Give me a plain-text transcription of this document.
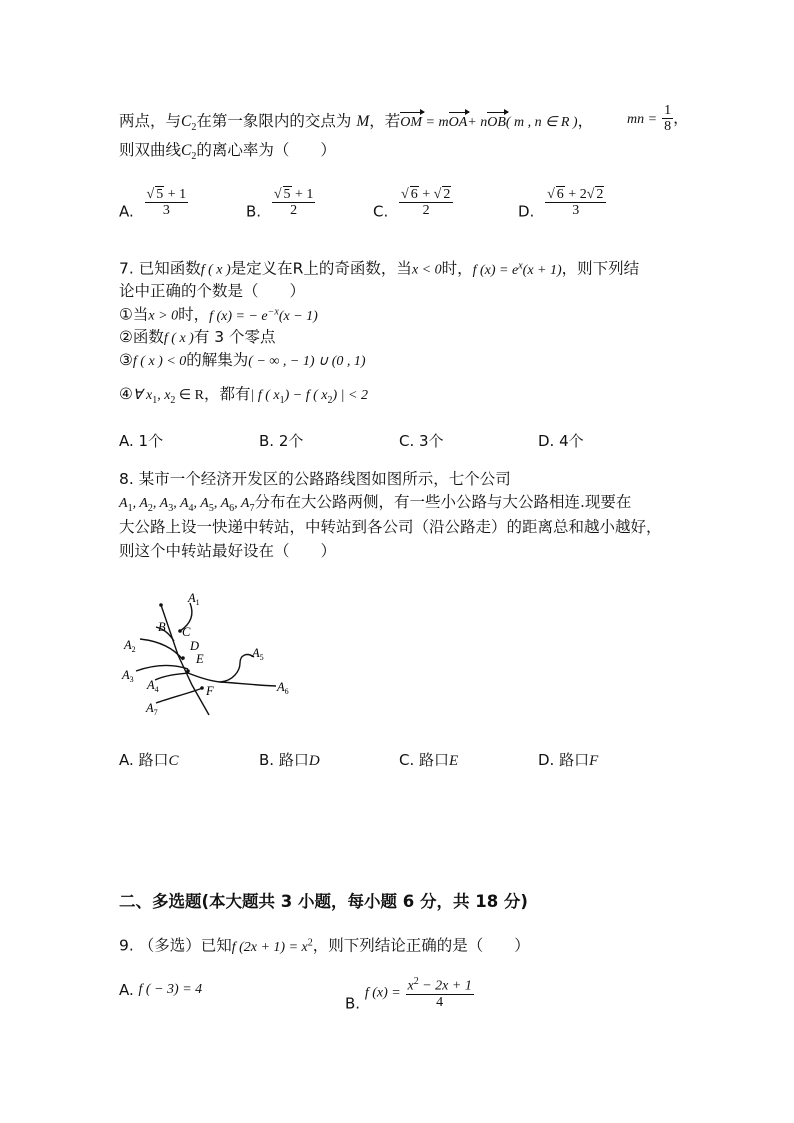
两点，与$C_2$在第一象限内的交点为 M，若OM = mOA+ nOB( m , n ∈ R )， mn = $\frac{1}{8}$ ，
则双曲线$C_2$的离心率为（　　）
A. $\frac{√ 5 + 1}{3}$	B. $\frac{√ 5 + 1}{2}$	C. $\frac{√ 6 + √ 2}{2}$	D. $\frac{√ 6 + 2√ 2}{3}$
7. 已知函数f ( x )是定义在R上的奇函数，当x < 0时，f $(x) = e^x(x + 1)$，则下列结
论中正确的个数是（　　）
①当x > 0时，f (x) = − $e^{-x}(x - 1)$
②函数f ( x )有 3 个零点
③f ( x ) < 0的解集为( − ∞ , − 1) ∪ (0 , 1)
④∀ $x_1$, $x_2$ ∈ R，都有| f ( $x_1) - f$ ( $x_2$) | < 2
A. 1个	B. 2个	C. 3个	D. 4个
8. 某市一个经济开发区的公路路线图如图所示，七个公司
$A_1$, $A_2$, $A_3$, $A_4$, $A_5$, $A_6$, $A_7$分布在大公路两侧，有一些小公路与大公路相连.现要在
大公路上设一快递中转站，中转站到各公司（沿公路走）的距离总和越小越好，
则这个中转站最好设在（　　）
$A_1$
B C
$A_2$	D
E	$A_5$
$A_3$ $A_4$	F	$A_6$
$A_7$
A. 路口C	B. 路口D	C. 路口E	D. 路口F
二、多选题(本大题共 3 小题，每小题 6 分，共 18 分)
9. （多选）已知f $(2x + 1) = x^2$，则下列结论正确的是（　　）
A. f ( − 3) = 4
B. f $(x) = \frac{x^2 - 2x + 1}{4}$
